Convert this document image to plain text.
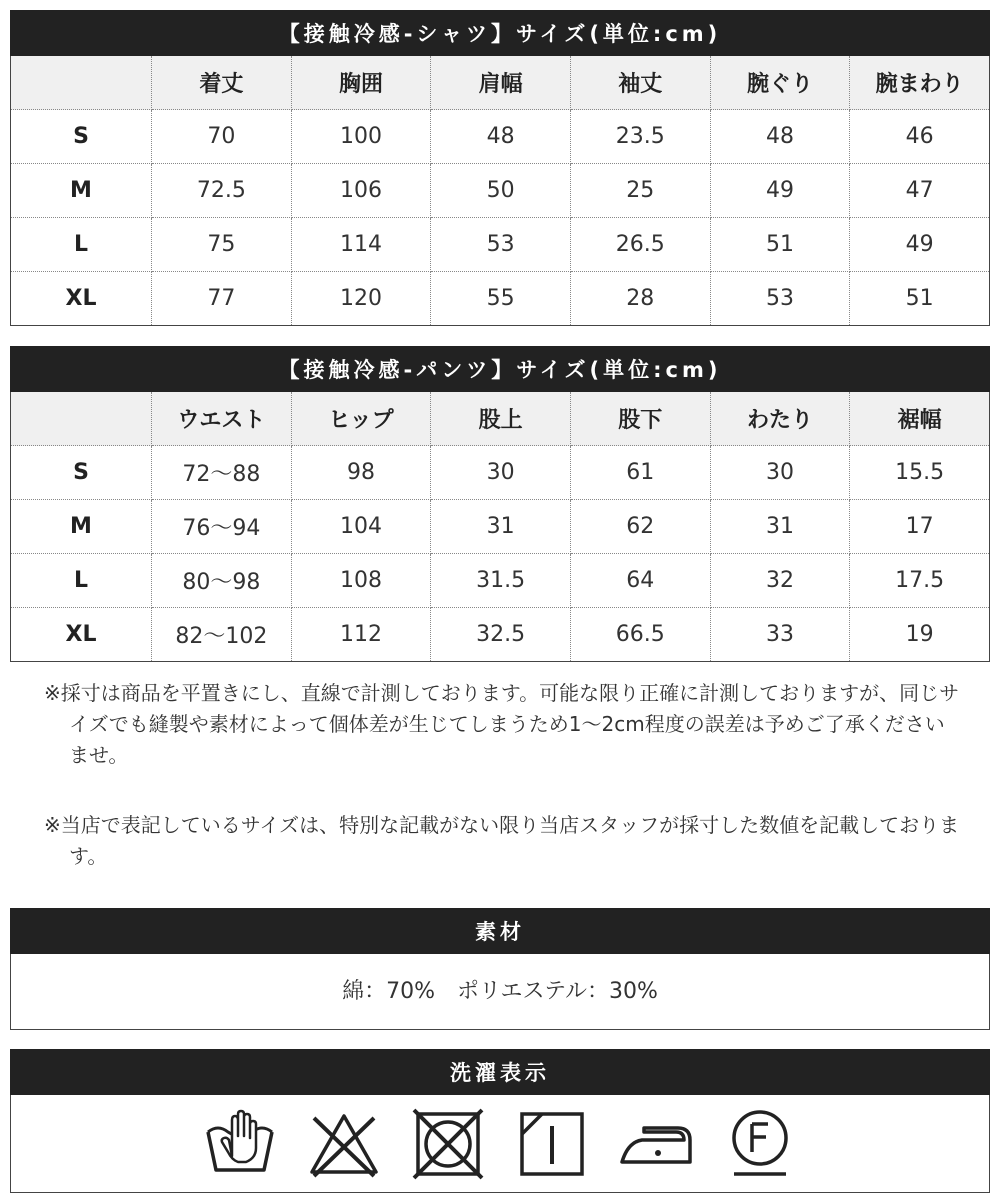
【接触冷感-シャツ】サイズ(単位:cm)
	着丈	胸囲	肩幅	袖丈	腕ぐり	腕まわり
S	70	100	48	23.5	48	46
M	72.5	106	50	25	49	47
L	75	114	53	26.5	51	49
XL	77	120	55	28	53	51
【接触冷感-パンツ】サイズ(単位:cm)
	ウエスト	ヒップ	股上	股下	わたり	裾幅
S	72～88	98	30	61	30	15.5
M	76～94	104	31	62	31	17
L	80～98	108	31.5	64	32	17.5
XL	82～102	112	32.5	66.5	33	19

※採寸は商品を平置きにし、直線で計測しております。可能な限り正確に計測しておりますが、同じサイズでも縫製や素材によって個体差が生じてしまうため1～2cm程度の誤差は予めご了承くださいませ。

※当店で表記しているサイズは、特別な記載がない限り当店スタッフが採寸した数値を記載しております。

素材
綿：70%　ポリエステル：30%
洗濯表示
